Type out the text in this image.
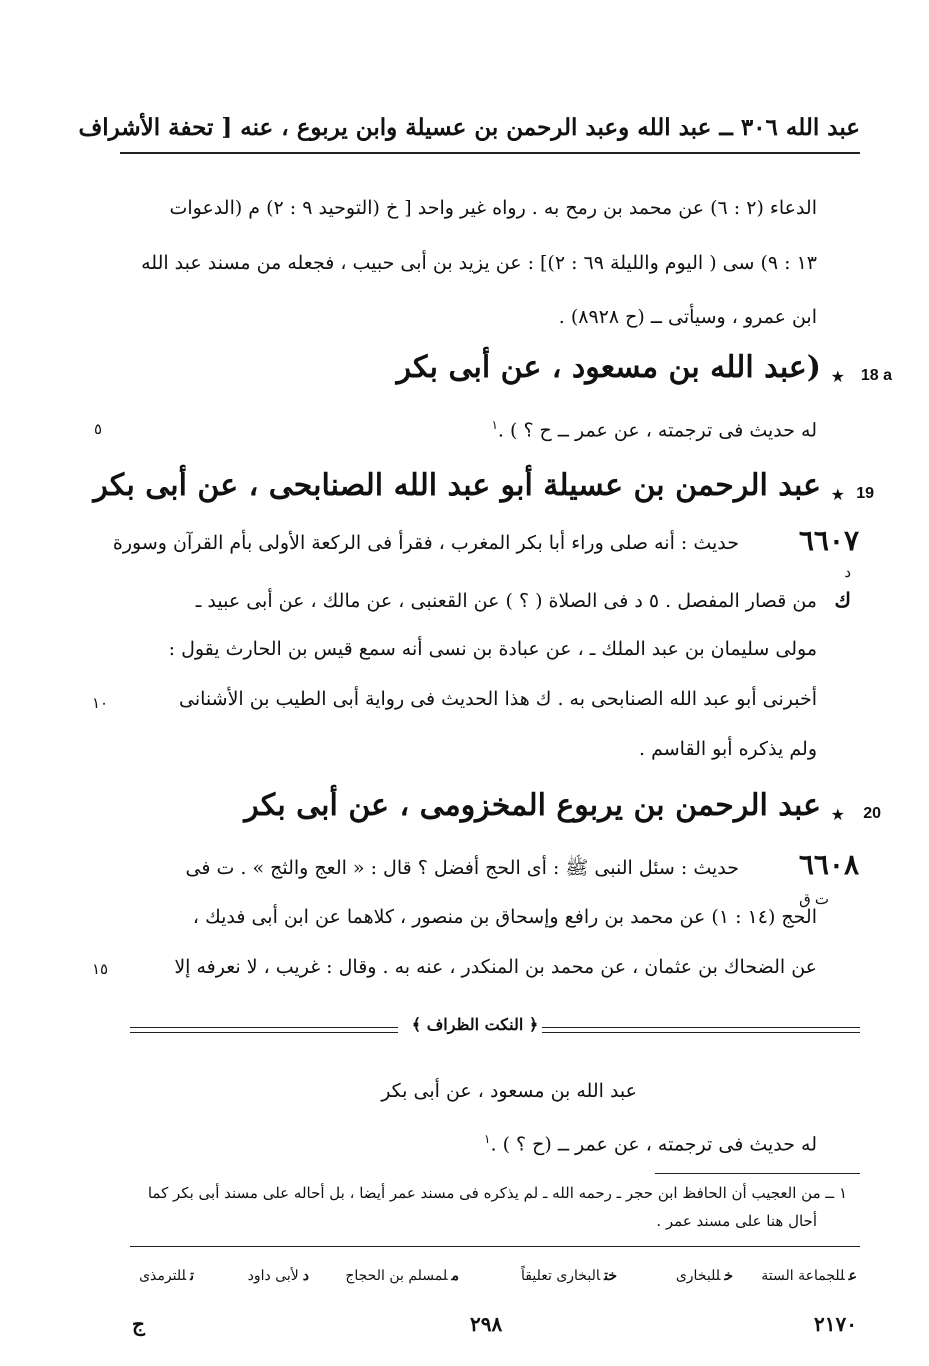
عبد الله ٣٠٦ ــ عبد الله وعبد الرحمن بن عسيلة وابن يربوع ، عنه [ تحفة الأشراف
الدعاء (٢ : ٦) عن محمد بن رمح به . رواه غير واحد [ خ (التوحيد ٩ : ٢) م (الدعوات
١٣ : ٩) سى ( اليوم والليلة ٦٩ : ٢)] : عن يزيد بن أبى حبيب ، فجعله من مسند عبد الله
ابن عمرو ، وسيأتى ــ (ح ٨٩٢٨) .
18 a
★
(عبد الله بن مسعود ، عن أبى بكر
له حديث فى ترجمته ، عن عمر ــ ح ؟ ) .$^١$
٥
19
★
عبد الرحمن بن عسيلة أبو عبد الله الصنابحى ، عن أبى بكر
٦٦٠٧
حديث : أنه صلى وراء أبا بكر المغرب ، فقرأ فى الركعة الأولى بأم القرآن وسورة
ك
د
من قصار المفصل . ٥ د فى الصلاة ( ؟ ) عن القعنبى ، عن مالك ، عن أبى عبيد ـ
مولى سليمان بن عبد الملك ـ ، عن عبادة بن نسى أنه سمع قيس بن الحارث يقول :
أخبرنى أبو عبد الله الصنابحى به . ك هذا الحديث فى رواية أبى الطيب بن الأشنانى
١٠
ولم يذكره أبو القاسم .
20
★
عبد الرحمن بن يربوع المخزومى ، عن أبى بكر
٦٦٠٨
حديث : سئل النبى ﷺ : أى الحج أفضل ؟ قال : « العج والثج » . ت فى
ت ق
الحج (١٤ : ١) عن محمد بن رافع وإسحاق بن منصور ، كلاهما عن ابن أبى فديك ،
عن الضحاك بن عثمان ، عن محمد بن المنكدر ، عنه به . وقال : غريب ، لا نعرفه إلا
١٥
﴿ النكت الظراف ﴾
عبد الله بن مسعود ، عن أبى بكر
له حديث فى ترجمته ، عن عمر ــ (ح ؟ ) .$^١$
١ ــ من العجيب أن الحافظ ابن حجر ـ رحمه الله ـ لم يذكره فى مسند عمر أيضا ، بل أحاله على مسند أبى بكر كما
أحال هنا على مسند عمر .
عللجماعة الستة
خللبخارى
ختالبخارى تعليقاً
ملمسلم بن الحجاج
دلأبى داود
تللترمذى
ج	٢٩٨	٢١٧٠
